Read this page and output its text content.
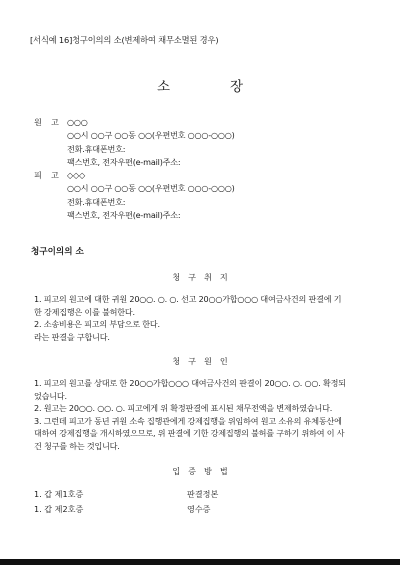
[서식예 16]청구이의의 소(변제하여 채무소멸된 경우)
소	장
원 고	○○○
○○시 ○○구 ○○동 ○○(우편번호 ○○○-○○○)
전화.휴대폰번호:
팩스번호, 전자우편(e-mail)주소:
피 고	◇◇◇
○○시 ○○구 ○○동 ○○(우편번호 ○○○-○○○)
전화.휴대폰번호:
팩스번호, 전자우편(e-mail)주소:
청구이의의 소
청 구 취 지

1. 피고의 원고에 대한 귀원 20○○. ○. ○. 선고 20○○가합○○○ 대여금사건의 판결에 기

한 강제집행은 이를 불허한다.

2. 소송비용은 피고의 부담으로 한다.

라는 판결을 구합니다.

청 구 원 인

1. 피고의 원고를 상대로 한 20○○가합○○○ 대여금사건의 판결이 20○○. ○. ○○. 확정되

었습니다.

2. 원고는 20○○. ○○. ○. 피고에게 위 확정판결에 표시된 채무전액을 변제하였습니다.

3. 그런데 피고가 동년 귀원 소속 집행관에게 강제집행을 위임하여 원고 소유의 유체동산에

대하여 강제집행을 개시하였으므로, 위 판결에 기한 강제집행의 불허를 구하기 위하여 이 사

건 청구를 하는 것입니다.

입 증 방 법
1. 갑 제1호증	판결정본
1. 갑 제2호증	영수증
